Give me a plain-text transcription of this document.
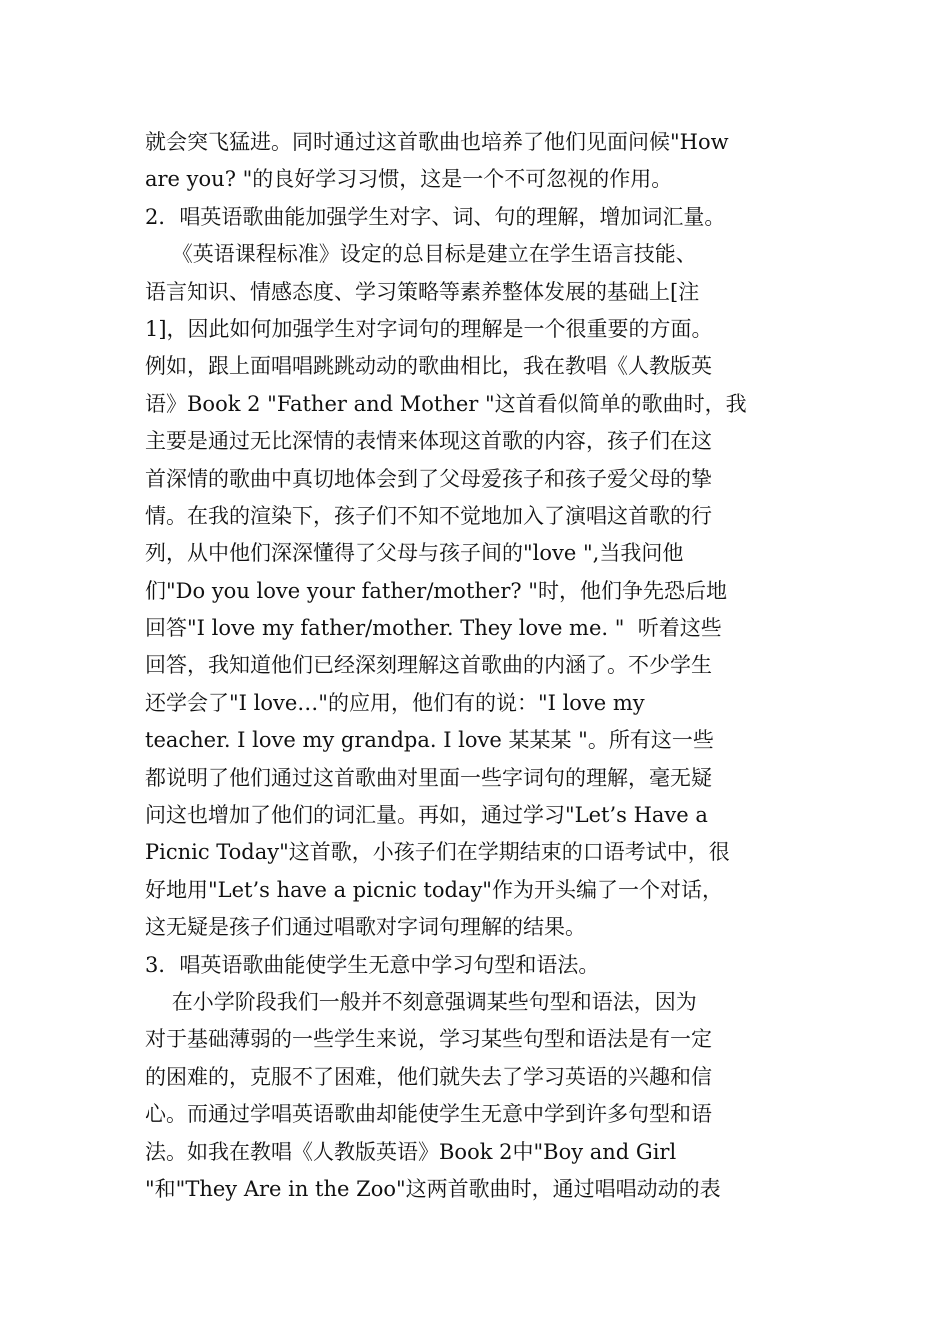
就会突飞猛进。同时通过这首歌曲也培养了他们见面问候"How
are you? "的良好学习习惯，这是一个不可忽视的作用。
2．唱英语歌曲能加强学生对字、词、句的理解，增加词汇量。
《英语课程标准》设定的总目标是建立在学生语言技能、
语言知识、情感态度、学习策略等素养整体发展的基础上[注
1]，因此如何加强学生对字词句的理解是一个很重要的方面。
例如，跟上面唱唱跳跳动动的歌曲相比，我在教唱《人教版英
语》Book 2 "Father and Mother "这首看似简单的歌曲时，我
主要是通过无比深情的表情来体现这首歌的内容，孩子们在这
首深情的歌曲中真切地体会到了父母爱孩子和孩子爱父母的挚
情。在我的渲染下，孩子们不知不觉地加入了演唱这首歌的行
列，从中他们深深懂得了父母与孩子间的"love ",当我问他
们"Do you love your father/mother? "时，他们争先恐后地
回答"I love my father/mother. They love me. "  听着这些
回答，我知道他们已经深刻理解这首歌曲的内涵了。不少学生
还学会了"I love…"的应用，他们有的说："I love my
teacher. I love my grandpa. I love 某某某 "。所有这一些
都说明了他们通过这首歌曲对里面一些字词句的理解，毫无疑
问这也增加了他们的词汇量。再如，通过学习"Let’s Have a
Picnic Today"这首歌，小孩子们在学期结束的口语考试中，很
好地用"Let’s have a picnic today"作为开头编了一个对话，
这无疑是孩子们通过唱歌对字词句理解的结果。
3．唱英语歌曲能使学生无意中学习句型和语法。
在小学阶段我们一般并不刻意强调某些句型和语法，因为
对于基础薄弱的一些学生来说，学习某些句型和语法是有一定
的困难的，克服不了困难，他们就失去了学习英语的兴趣和信
心。而通过学唱英语歌曲却能使学生无意中学到许多句型和语
法。如我在教唱《人教版英语》Book 2中"Boy and Girl
"和"They Are in the Zoo"这两首歌曲时，通过唱唱动动的表
